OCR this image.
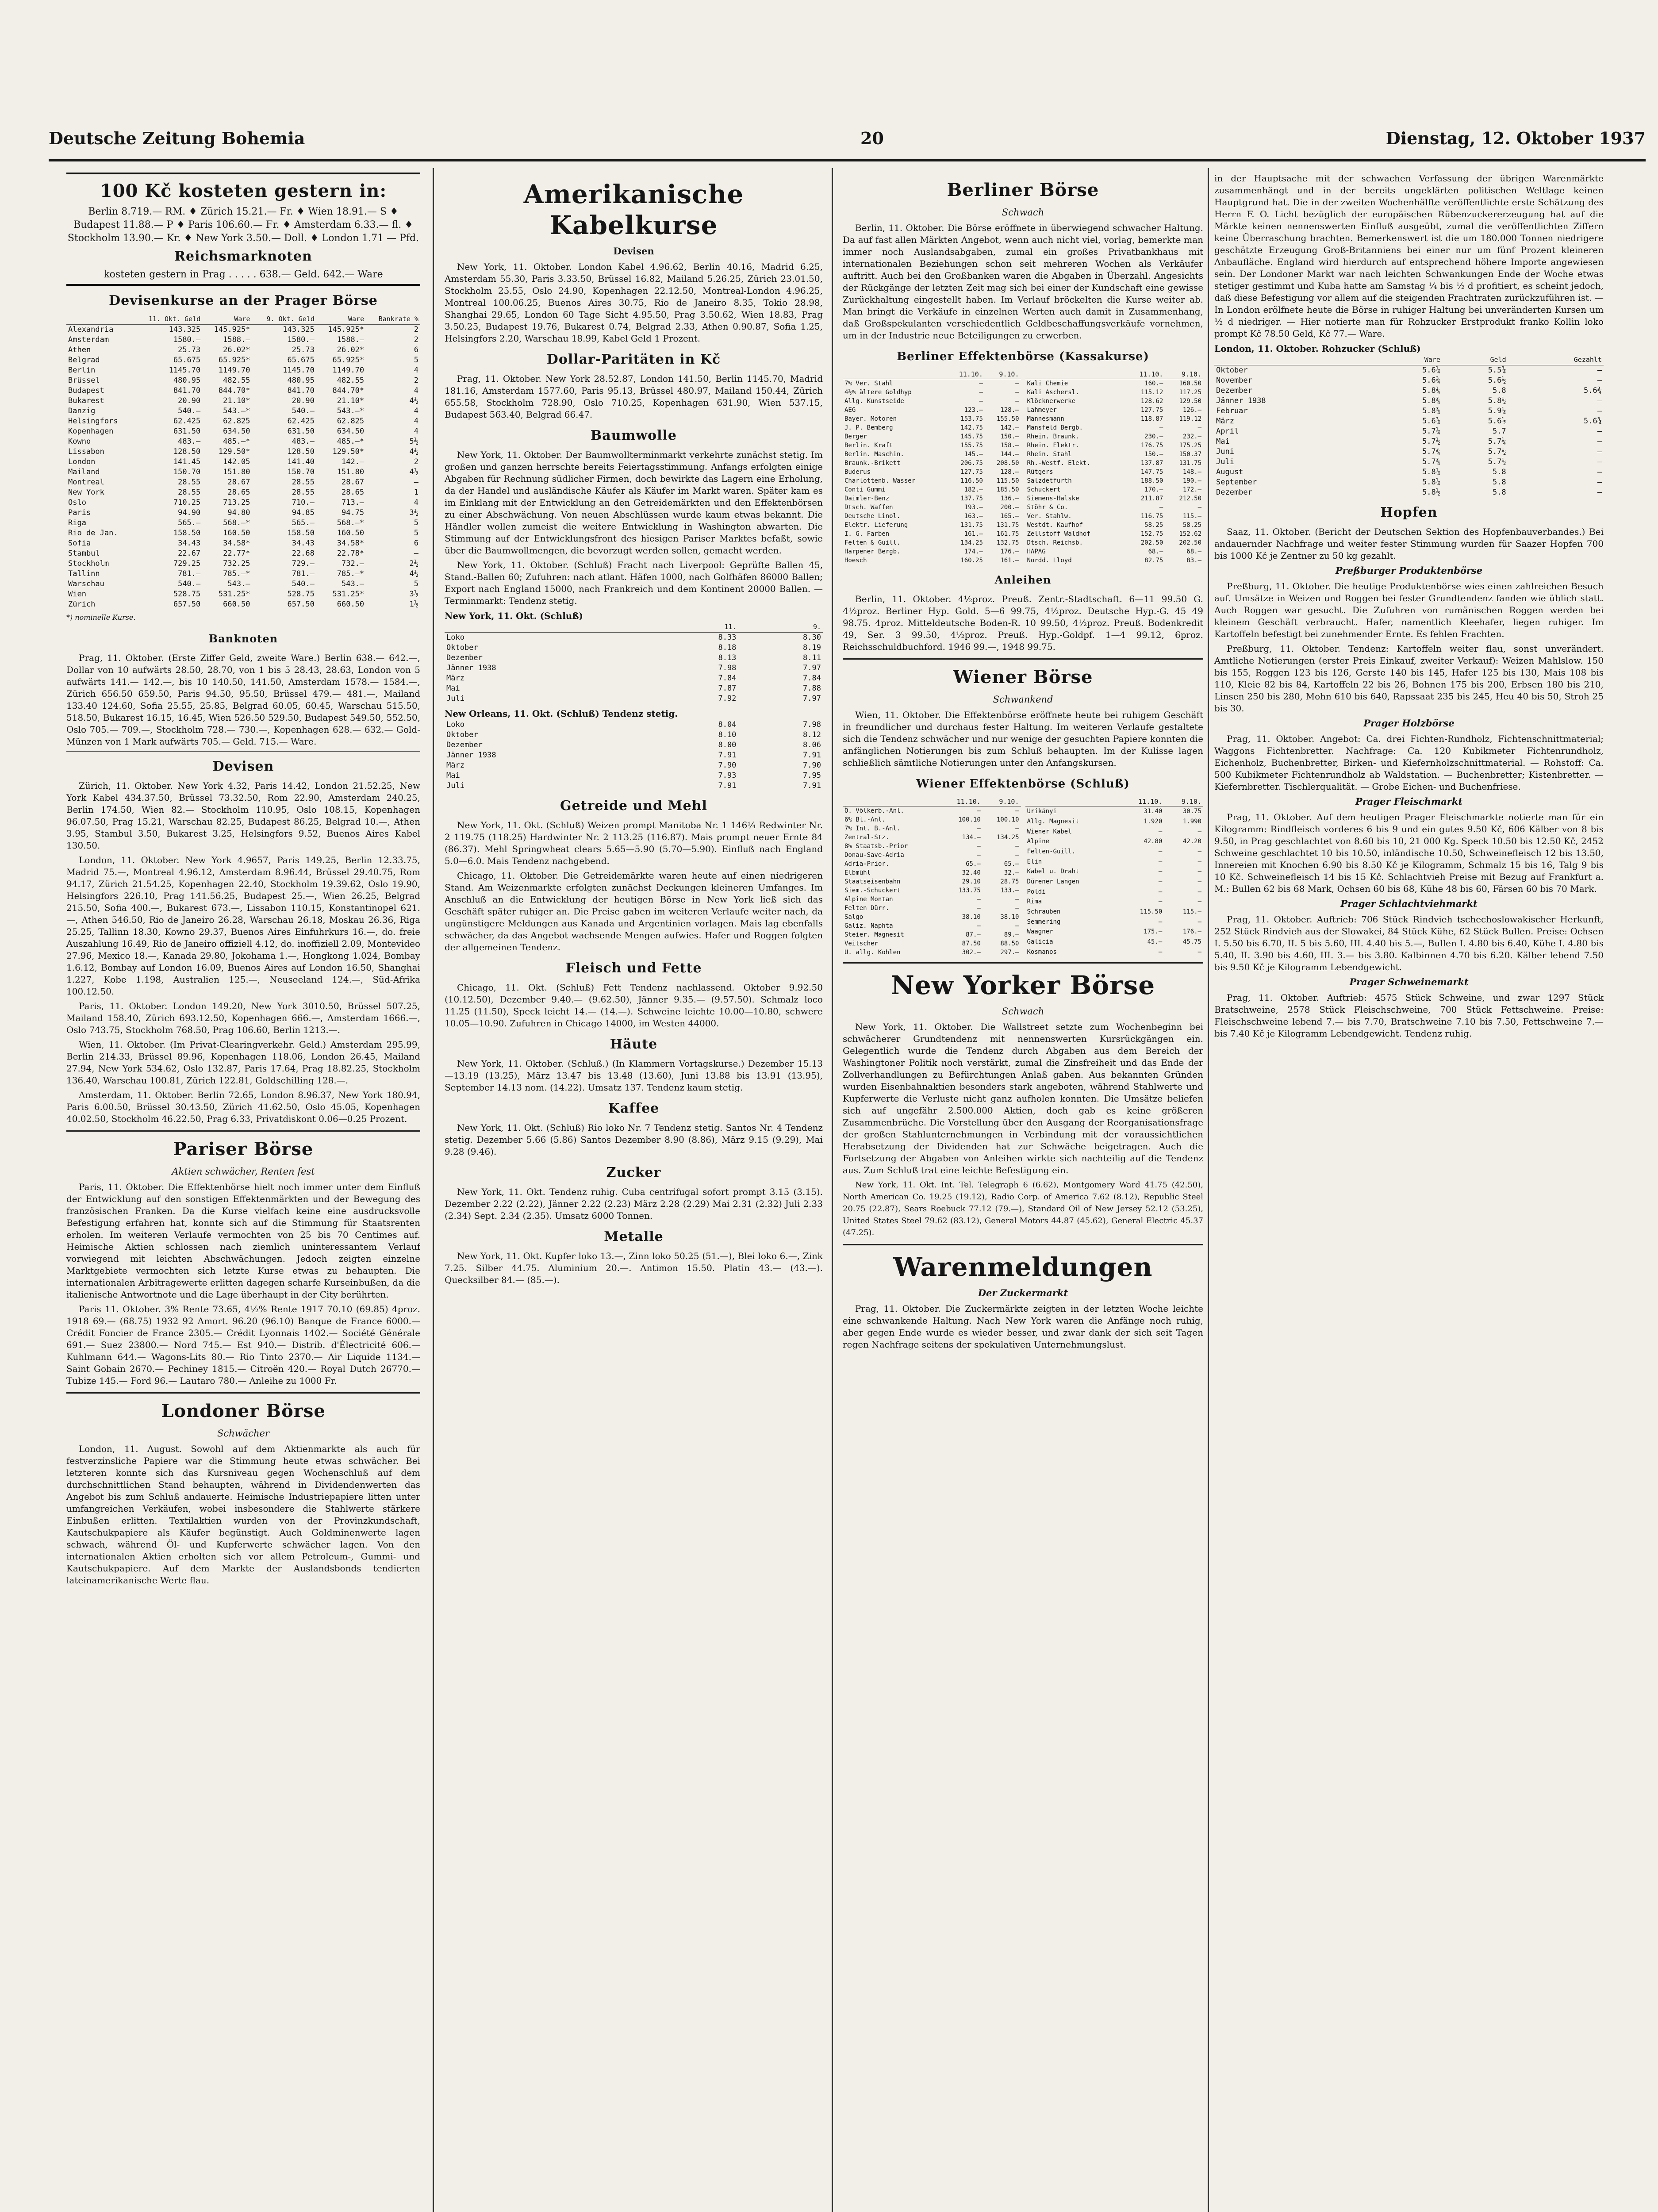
Deutsche Zeitung Bohemia	20	Dienstag, 12. Oktober 1937
100 Kč kosteten gestern in:
Berlin 8.719.— RM. ♦ Zürich 15.21.— Fr. ♦ Wien 18.91.— S ♦ Budapest 11.88.— P ♦ Paris 106.60.— Fr. ♦ Amsterdam 6.33.— fl. ♦ Stockholm 13.90.— Kr. ♦ New York 3.50.— Doll. ♦ London 1.71 — Pfd.
Reichsmarknoten
kosteten gestern in Prag . . . . . 638.— Geld. 642.— Ware
Devisenkurse an der Prager Börse
	11. Okt. Geld	Ware	9. Okt. Geld	Ware	Bankrate %
Alexandria	143.325	145.925*	143.325	145.925*	2
Amsterdam	1580.—	1588.—	1580.—	1588.—	2
Athen	25.73	26.02*	25.73	26.02*	6
Belgrad	65.675	65.925*	65.675	65.925*	5
Berlin	1145.70	1149.70	1145.70	1149.70	4
Brüssel	480.95	482.55	480.95	482.55	2
Budapest	841.70	844.70*	841.70	844.70*	4
Bukarest	20.90	21.10*	20.90	21.10*	4½
Danzig	540.—	543.—*	540.—	543.—*	4
Helsingfors	62.425	62.825	62.425	62.825	4
Kopenhagen	631.50	634.50	631.50	634.50	4
Kowno	483.—	485.—*	483.—	485.—*	5½
Lissabon	128.50	129.50*	128.50	129.50*	4½
London	141.45	142.05	141.40	142.—	2
Mailand	150.70	151.80	150.70	151.80	4½
Montreal	28.55	28.67	28.55	28.67	—
New York	28.55	28.65	28.55	28.65	1
Oslo	710.25	713.25	710.—	713.—	4
Paris	94.90	94.80	94.85	94.75	3½
Riga	565.—	568.—*	565.—	568.—*	5
Rio de Jan.	158.50	160.50	158.50	160.50	5
Sofia	34.43	34.58*	34.43	34.58*	6
Stambul	22.67	22.77*	22.68	22.78*	—
Stockholm	729.25	732.25	729.—	732.—	2½
Tallinn	781.—	785.—*	781.—	785.—*	4½
Warschau	540.—	543.—	540.—	543.—	5
Wien	528.75	531.25*	528.75	531.25*	3½
Zürich	657.50	660.50	657.50	660.50	1½
*) nominelle Kurse.
Banknoten

Prag, 11. Oktober. (Erste Ziffer Geld, zweite Ware.) Berlin 638.— 642.—, Dollar von 10 aufwärts 28.50, 28.70, von 1 bis 5 28.43, 28.63, London von 5 aufwärts 141.— 142.—, bis 10 140.50, 141.50, Amsterdam 1578.— 1584.—, Zürich 656.50 659.50, Paris 94.50, 95.50, Brüssel 479.— 481.—, Mailand 133.40 124.60, Sofia 25.55, 25.85, Belgrad 60.05, 60.45, Warschau 515.50, 518.50, Bukarest 16.15, 16.45, Wien 526.50 529.50, Budapest 549.50, 552.50, Oslo 705.— 709.—, Stockholm 728.— 730.—, Kopenhagen 628.— 632.— Gold-Münzen von 1 Mark aufwärts 705.— Geld. 715.— Ware.

Devisen

Zürich, 11. Oktober. New York 4.32, Paris 14.42, London 21.52.25, New York Kabel 434.37.50, Brüssel 73.32.50, Rom 22.90, Amsterdam 240.25, Berlin 174.50, Wien 82.— Stockholm 110.95, Oslo 108.15, Kopenhagen 96.07.50, Prag 15.21, Warschau 82.25, Budapest 86.25, Belgrad 10.—, Athen 3.95, Stambul 3.50, Bukarest 3.25, Helsingfors 9.52, Buenos Aires Kabel 130.50.

London, 11. Oktober. New York 4.9657, Paris 149.25, Berlin 12.33.75, Madrid 75.—, Montreal 4.96.12, Amsterdam 8.96.44, Brüssel 29.40.75, Rom 94.17, Zürich 21.54.25, Kopenhagen 22.40, Stockholm 19.39.62, Oslo 19.90, Helsingfors 226.10, Prag 141.56.25, Budapest 25.—, Wien 26.25, Belgrad 215.50, Sofia 400.—, Bukarest 673.—, Lissabon 110.15, Konstantinopel 621.—, Athen 546.50, Rio de Janeiro 26.28, Warschau 26.18, Moskau 26.36, Riga 25.25, Tallinn 18.30, Kowno 29.37, Buenos Aires Einfuhrkurs 16.—, do. freie Auszahlung 16.49, Rio de Janeiro offiziell 4.12, do. inoffiziell 2.09, Montevideo 27.96, Mexico 18.—, Kanada 29.80, Jokohama 1.—, Hongkong 1.024, Bombay 1.6.12, Bombay auf London 16.09, Buenos Aires auf London 16.50, Shanghai 1.227, Kobe 1.198, Australien 125.—, Neuseeland 124.—, Süd-Afrika 100.12.50.

Paris, 11. Oktober. London 149.20, New York 3010.50, Brüssel 507.25, Mailand 158.40, Zürich 693.12.50, Kopenhagen 666.—, Amsterdam 1666.—, Oslo 743.75, Stockholm 768.50, Prag 106.60, Berlin 1213.—.

Wien, 11. Oktober. (Im Privat-Clearingverkehr. Geld.) Amsterdam 295.99, Berlin 214.33, Brüssel 89.96, Kopenhagen 118.06, London 26.45, Mailand 27.94, New York 534.62, Oslo 132.87, Paris 17.64, Prag 18.82.25, Stockholm 136.40, Warschau 100.81, Zürich 122.81, Goldschilling 128.—.

Amsterdam, 11. Oktober. Berlin 72.65, London 8.96.37, New York 180.94, Paris 6.00.50, Brüssel 30.43.50, Zürich 41.62.50, Oslo 45.05, Kopenhagen 40.02.50, Stockholm 46.22.50, Prag 6.33, Privatdiskont 0.06—0.25 Prozent.

Pariser Börse
Aktien schwächer, Renten fest

Paris, 11. Oktober. Die Effektenbörse hielt noch immer unter dem Einfluß der Entwicklung auf den sonstigen Effektenmärkten und der Bewegung des französischen Franken. Da die Kurse vielfach keine eine ausdrucksvolle Befestigung erfahren hat, konnte sich auf die Stimmung für Staatsrenten erholen. Im weiteren Verlaufe vermochten von 25 bis 70 Centimes auf. Heimische Aktien schlossen nach ziemlich uninteressantem Verlauf vorwiegend mit leichten Abschwächungen. Jedoch zeigten einzelne Marktgebiete vermochten sich letzte Kurse etwas zu behaupten. Die internationalen Arbitragewerte erlitten dagegen scharfe Kurseinbußen, da die italienische Antwortnote und die Lage überhaupt in der City berührten.

Paris 11. Oktober. 3% Rente 73.65, 4½% Rente 1917 70.10 (69.85) 4proz. 1918 69.— (68.75) 1932 92 Amort. 96.20 (96.10) Banque de France 6000.— Crédit Foncier de France 2305.— Crédit Lyonnais 1402.— Société Générale 691.— Suez 23800.— Nord 745.— Est 940.— Distrib. d'Électricité 606.— Kuhlmann 644.— Wagons-Lits 80.— Rio Tinto 2370.— Air Liquide 1134.— Saint Gobain 2670.— Pechiney 1815.— Citroën 420.— Royal Dutch 26770.— Tubize 145.— Ford 96.— Lautaro 780.— Anleihe zu 1000 Fr.

Londoner Börse
Schwächer

London, 11. August. Sowohl auf dem Aktienmarkte als auch für festverzinsliche Papiere war die Stimmung heute etwas schwächer. Bei letzteren konnte sich das Kursniveau gegen Wochenschluß auf dem durchschnittlichen Stand behaupten, während in Dividendenwerten das Angebot bis zum Schluß andauerte. Heimische Industriepapiere litten unter umfangreichen Verkäufen, wobei insbesondere die Stahlwerte stärkere Einbußen erlitten. Textilaktien wurden von der Provinzkundschaft, Kautschukpapiere als Käufer begünstigt. Auch Goldminenwerte lagen schwach, während Öl- und Kupferwerte schwächer lagen. Von den internationalen Aktien erholten sich vor allem Petroleum-, Gummi- und Kautschukpapiere. Auf dem Markte der Auslandsbonds tendierten lateinamerikanische Werte flau.

Amerikanische Kabelkurse
Devisen

New York, 11. Oktober. London Kabel 4.96.62, Berlin 40.16, Madrid 6.25, Amsterdam 55.30, Paris 3.33.50, Brüssel 16.82, Mailand 5.26.25, Zürich 23.01.50, Stockholm 25.55, Oslo 24.90, Kopenhagen 22.12.50, Montreal-London 4.96.25, Montreal 100.06.25, Buenos Aires 30.75, Rio de Janeiro 8.35, Tokio 28.98, Shanghai 29.65, London 60 Tage Sicht 4.95.50, Prag 3.50.62, Wien 18.83, Prag 3.50.25, Budapest 19.76, Bukarest 0.74, Belgrad 2.33, Athen 0.90.87, Sofia 1.25, Helsingfors 2.20, Warschau 18.99, Kabel Geld 1 Prozent.

Dollar-Paritäten in Kč

Prag, 11. Oktober. New York 28.52.87, London 141.50, Berlin 1145.70, Madrid 181.16, Amsterdam 1577.60, Paris 95.13, Brüssel 480.97, Mailand 150.44, Zürich 655.58, Stockholm 728.90, Oslo 710.25, Kopenhagen 631.90, Wien 537.15, Budapest 563.40, Belgrad 66.47.

Baumwolle

New York, 11. Oktober. Der Baumwollterminmarkt verkehrte zunächst stetig. Im großen und ganzen herrschte bereits Feiertagsstimmung. Anfangs erfolgten einige Abgaben für Rechnung südlicher Firmen, doch bewirkte das Lagern eine Erholung, da der Handel und ausländische Käufer als Käufer im Markt waren. Später kam es im Einklang mit der Entwicklung an den Getreidemärkten und den Effektenbörsen zu einer Abschwächung. Von neuen Abschlüssen wurde kaum etwas bekannt. Die Händler wollen zumeist die weitere Entwicklung in Washington abwarten. Die Stimmung auf der Entwicklungsfront des hiesigen Pariser Marktes befaßt, sowie über die Baumwollmengen, die bevorzugt werden sollen, gemacht werden.

New York, 11. Oktober. (Schluß) Fracht nach Liverpool: Geprüfte Ballen 45, Stand.-Ballen 60; Zufuhren: nach atlant. Häfen 1000, nach Golfhäfen 86000 Ballen; Export nach England 15000, nach Frankreich und dem Kontinent 20000 Ballen. — Terminmarkt: Tendenz stetig.

New York, 11. Okt. (Schluß)
	11.	9.
Loko	8.33	8.30
Oktober	8.18	8.19
Dezember	8.13	8.11
Jänner 1938	7.98	7.97
März	7.84	7.84
Mai	7.87	7.88
Juli	7.92	7.97
New Orleans, 11. Okt. (Schluß) Tendenz stetig.
Loko	8.04	7.98
Oktober	8.10	8.12
Dezember	8.00	8.06
Jänner 1938	7.91	7.91
März	7.90	7.90
Mai	7.93	7.95
Juli	7.91	7.91
Getreide und Mehl

New York, 11. Okt. (Schluß) Weizen prompt Manitoba Nr. 1 146¼ Redwinter Nr. 2 119.75 (118.25) Hardwinter Nr. 2 113.25 (116.87). Mais prompt neuer Ernte 84 (86.37). Mehl Springwheat clears 5.65—5.90 (5.70—5.90). Einfluß nach England 5.0—6.0. Mais Tendenz nachgebend.

Chicago, 11. Oktober. Die Getreidemärkte waren heute auf einen niedrigeren Stand. Am Weizenmarkte erfolgten zunächst Deckungen kleineren Umfanges. Im Anschluß an die Entwicklung der heutigen Börse in New York ließ sich das Geschäft später ruhiger an. Die Preise gaben im weiteren Verlaufe weiter nach, da ungünstigere Meldungen aus Kanada und Argentinien vorlagen. Mais lag ebenfalls schwächer, da das Angebot wachsende Mengen aufwies. Hafer und Roggen folgten der allgemeinen Tendenz.

Fleisch und Fette

Chicago, 11. Okt. (Schluß) Fett Tendenz nachlassend. Oktober 9.92.50 (10.12.50), Dezember 9.40.— (9.62.50), Jänner 9.35.— (9.57.50). Schmalz loco 11.25 (11.50), Speck leicht 14.— (14.—). Schweine leichte 10.00—10.80, schwere 10.05—10.90. Zufuhren in Chicago 14000, im Westen 44000.

Häute

New York, 11. Oktober. (Schluß.) (In Klammern Vortagskurse.) Dezember 15.13—13.19 (13.25), März 13.47 bis 13.48 (13.60), Juni 13.88 bis 13.91 (13.95), September 14.13 nom. (14.22). Umsatz 137. Tendenz kaum stetig.

Kaffee

New York, 11. Okt. (Schluß) Rio loko Nr. 7 Tendenz stetig. Santos Nr. 4 Tendenz stetig. Dezember 5.66 (5.86) Santos Dezember 8.90 (8.86), März 9.15 (9.29), Mai 9.28 (9.46).

Zucker

New York, 11. Okt. Tendenz ruhig. Cuba centrifugal sofort prompt 3.15 (3.15). Dezember 2.22 (2.22), Jänner 2.22 (2.23) März 2.28 (2.29) Mai 2.31 (2.32) Juli 2.33 (2.34) Sept. 2.34 (2.35). Umsatz 6000 Tonnen.

Metalle

New York, 11. Okt. Kupfer loko 13.—, Zinn loko 50.25 (51.—), Blei loko 6.—, Zink 7.25. Silber 44.75. Aluminium 20.—. Antimon 15.50. Platin 43.— (43.—). Quecksilber 84.— (85.—).

Berliner Börse
Schwach

Berlin, 11. Oktober. Die Börse eröffnete in überwiegend schwacher Haltung. Da auf fast allen Märkten Angebot, wenn auch nicht viel, vorlag, bemerkte man immer noch Auslandsabgaben, zumal ein großes Privatbankhaus mit internationalen Beziehungen schon seit mehreren Wochen als Verkäufer auftritt. Auch bei den Großbanken waren die Abgaben in Überzahl. Angesichts der Rückgänge der letzten Zeit mag sich bei einer der Kundschaft eine gewisse Zurückhaltung eingestellt haben. Im Verlauf bröckelten die Kurse weiter ab. Man bringt die Verkäufe in einzelnen Werten auch damit in Zusammenhang, daß Großspekulanten verschiedentlich Geldbeschaffungsverkäufe vornehmen, um in der Industrie neue Beteiligungen zu erwerben.

Berliner Effektenbörse (Kassakurse)
	11.10.	9.10.
7% Ver. Stahl	—	—
4½% ältere Goldhyp	—	—
Allg. Kunstseide	—	—
AEG	123.—	128.—
Bayer. Motoren	153.75	155.50
J. P. Bemberg	142.75	142.—
Berger	145.75	150.—
Berlin. Kraft	155.75	158.—
Berlin. Maschin.	145.—	144.—
Braunk.-Brikett	206.75	208.50
Buderus	127.75	128.—
Charlottenb. Wasser	116.50	115.50
Conti Gummi	182.—	185.50
Daimler-Benz	137.75	136.—
Dtsch. Waffen	193.—	200.—
Deutsche Linol.	163.—	165.—
Elektr. Lieferung	131.75	131.75
I. G. Farben	161.—	161.75
Felten & Guill.	134.25	132.75
Harpener Bergb.	174.—	176.—
Hoesch	160.25	161.—
	11.10.	9.10.
Kali Chemie	160.—	160.50
Kali Aschersl.	115.12	117.25
Klöcknerwerke	128.62	129.50
Lahmeyer	127.75	126.—
Mannesmann	118.87	119.12
Mansfeld Bergb.	—	—
Rhein. Braunk.	230.—	232.—
Rhein. Elektr.	176.75	175.25
Rhein. Stahl	150.—	150.37
Rh.-Westf. Elekt.	137.87	131.75
Rütgers	147.75	148.—
Salzdetfurth	188.50	190.—
Schuckert	170.—	172.—
Siemens-Halske	211.87	212.50
Stöhr & Co.	—	—
Ver. Stahlw.	116.75	115.—
Westdt. Kaufhof	58.25	58.25
Zellstoff Waldhof	152.75	152.62
Dtsch. Reichsb.	202.50	202.50
HAPAG	68.—	68.—
Nordd. Lloyd	82.75	83.—
Anleihen

Berlin, 11. Oktober. 4½proz. Preuß. Zentr.-Stadtschaft. 6—11 99.50 G. 4½proz. Berliner Hyp. Gold. 5—6 99.75, 4½proz. Deutsche Hyp.-G. 45 49 98.75. 4proz. Mitteldeutsche Boden-R. 10 99.50, 4½proz. Preuß. Bodenkredit 49, Ser. 3 99.50, 4½proz. Preuß. Hyp.-Goldpf. 1—4 99.12, 6proz. Reichsschuldbuchford. 1946 99.—, 1948 99.75.

Wiener Börse
Schwankend

Wien, 11. Oktober. Die Effektenbörse eröffnete heute bei ruhigem Geschäft in freundlicher und durchaus fester Haltung. Im weiteren Verlaufe gestaltete sich die Tendenz schwächer und nur wenige der gesuchten Papiere konnten die anfänglichen Notierungen bis zum Schluß behaupten. Im der Kulisse lagen schließlich sämtliche Notierungen unter den Anfangskursen.

Wiener Effektenbörse (Schluß)
	11.10.	9.10.
Ö. Völkerb.-Anl.	—	—
6% Bl.-Anl.	100.10	100.10
7% Int. B.-Anl.	—	—
Zentral-Stz.	134.—	134.25
8% Staatsb.-Prior	—	—
Donau-Save-Adria	—	—
Adria-Prior.	65.—	65.—
Elbmühl	32.40	32.—
Staatseisenbahn	29.10	28.75
Siem.-Schuckert	133.75	133.—
Alpine Montan	—	—
Felten Dürr.	—	—
Salgo	38.10	38.10
Galiz. Naphta	—	—
Steier. Magnesit	87.—	89.—
Veitscher	87.50	88.50
U. allg. Kohlen	302.—	297.—
	11.10.	9.10.
Urikányi	31.40	30.75
Allg. Magnesit	1.920	1.990
Wiener Kabel	—	—
Alpine	42.80	42.20
Felten-Guill.	—	—
Elin	—	—
Kabel u. Draht	—	—
Dürener Langen	—	—
Poldi	—	—
Rima	—	—
Schrauben	115.50	115.—
Semmering	—	—
Waagner	175.—	176.—
Galicia	45.—	45.75
Kosmanos	—	—
New Yorker Börse
Schwach

New York, 11. Oktober. Die Wallstreet setzte zum Wochenbeginn bei schwächerer Grundtendenz mit nennenswerten Kursrückgängen ein. Gelegentlich wurde die Tendenz durch Abgaben aus dem Bereich der Washingtoner Politik noch verstärkt, zumal die Zinsfreiheit und das Ende der Zollverhandlungen zu Befürchtungen Anlaß gaben. Aus bekannten Gründen wurden Eisenbahnaktien besonders stark angeboten, während Stahlwerte und Kupferwerte die Verluste nicht ganz aufholen konnten. Die Umsätze beliefen sich auf ungefähr 2.500.000 Aktien, doch gab es keine größeren Zusammenbrüche. Die Vorstellung über den Ausgang der Reorganisationsfrage der großen Stahlunternehmungen in Verbindung mit der voraussichtlichen Herabsetzung der Dividenden hat zur Schwäche beigetragen. Auch die Fortsetzung der Abgaben von Anleihen wirkte sich nachteilig auf die Tendenz aus. Zum Schluß trat eine leichte Befestigung ein.

New York, 11. Okt. Int. Tel. Telegraph 6 (6.62), Montgomery Ward 41.75 (42.50), North American Co. 19.25 (19.12), Radio Corp. of America 7.62 (8.12), Republic Steel 20.75 (22.87), Sears Roebuck 77.12 (79.—), Standard Oil of New Jersey 52.12 (53.25), United States Steel 79.62 (83.12), General Motors 44.87 (45.62), General Electric 45.37 (47.25).

Warenmeldungen
Der Zuckermarkt

Prag, 11. Oktober. Die Zuckermärkte zeigten in der letzten Woche leichte eine schwankende Haltung. Nach New York waren die Anfänge noch ruhig, aber gegen Ende wurde es wieder besser, und zwar dank der sich seit Tagen regen Nachfrage seitens der spekulativen Unternehmungslust.

in der Hauptsache mit der schwachen Verfassung der übrigen Warenmärkte zusammenhängt und in der bereits ungeklärten politischen Weltlage keinen Hauptgrund hat. Die in der zweiten Wochenhälfte veröffentlichte erste Schätzung des Herrn F. O. Licht bezüglich der europäischen Rübenzuckererzeugung hat auf die Märkte keinen nennenswerten Einfluß ausgeübt, zumal die veröffentlichten Ziffern keine Überraschung brachten. Bemerkenswert ist die um 180.000 Tonnen niedrigere geschätzte Erzeugung Groß-Britanniens bei einer nur um fünf Prozent kleineren Anbaufläche. England wird hierdurch auf entsprechend höhere Importe angewiesen sein. Der Londoner Markt war nach leichten Schwankungen Ende der Woche etwas stetiger gestimmt und Kuba hatte am Samstag ¼ bis ½ d profitiert, es scheint jedoch, daß diese Befestigung vor allem auf die steigenden Frachtraten zurückzuführen ist. — In London erölfnete heute die Börse in ruhiger Haltung bei unveränderten Kursen um ½ d niedriger. — Hier notierte man für Rohzucker Erstprodukt franko Kollin loko prompt Kč 78.50 Geld, Kč 77.— Ware.

London, 11. Oktober. Rohzucker (Schluß)
	Ware	Geld	Gezahlt
Oktober	5.6¼	5.5¾	—
November	5.6¾	5.6½	—
Dezember	5.8¼	5.8	5.6¾
Jänner 1938	5.8¾	5.8½	—
Februar	5.8¾	5.9¼	—
März	5.6¾	5.6½	5.6¾
April	5.7¼	5.7	—
Mai	5.7½	5.7¼	—
Juni	5.7¾	5.7½	—
Juli	5.7¾	5.7½	—
August	5.8¼	5.8	—
September	5.8¼	5.8	—
Dezember	5.8½	5.8	—
Hopfen

Saaz, 11. Oktober. (Bericht der Deutschen Sektion des Hopfenbauverbandes.) Bei andauernder Nachfrage und weiter fester Stimmung wurden für Saazer Hopfen 700 bis 1000 Kč je Zentner zu 50 kg gezahlt.

Preßburger Produktenbörse

Preßburg, 11. Oktober. Die heutige Produktenbörse wies einen zahlreichen Besuch auf. Umsätze in Weizen und Roggen bei fester Grundtendenz fanden wie üblich statt. Auch Roggen war gesucht. Die Zufuhren von rumänischen Roggen werden bei kleinem Geschäft verbraucht. Hafer, namentlich Kleehafer, liegen ruhiger. Im Kartoffeln befestigt bei zunehmender Ernte. Es fehlen Frachten.

Preßburg, 11. Oktober. Tendenz: Kartoffeln weiter flau, sonst unverändert. Amtliche Notierungen (erster Preis Einkauf, zweiter Verkauf): Weizen Mahlslow. 150 bis 155, Roggen 123 bis 126, Gerste 140 bis 145, Hafer 125 bis 130, Mais 108 bis 110, Kleie 82 bis 84, Kartoffeln 22 bis 26, Bohnen 175 bis 200, Erbsen 180 bis 210, Linsen 250 bis 280, Mohn 610 bis 640, Rapssaat 235 bis 245, Heu 40 bis 50, Stroh 25 bis 30.

Prager Holzbörse

Prag, 11. Oktober. Angebot: Ca. drei Fichten-Rundholz, Fichtenschnittmaterial; Waggons Fichtenbretter. Nachfrage: Ca. 120 Kubikmeter Fichtenrundholz, Eichenholz, Buchenbretter, Birken- und Kiefernholzschnittmaterial. — Rohstoff: Ca. 500 Kubikmeter Fichtenrundholz ab Waldstation. — Buchenbretter; Kistenbretter. — Kiefernbretter. Tischlerqualität. — Grobe Eichen- und Buchenfriese.

Prager Fleischmarkt

Prag, 11. Oktober. Auf dem heutigen Prager Fleischmarkte notierte man für ein Kilogramm: Rindfleisch vorderes 6 bis 9 und ein gutes 9.50 Kč, 606 Kälber von 8 bis 9.50, in Prag geschlachtet von 8.60 bis 10, 21 000 Kg. Speck 10.50 bis 12.50 Kč, 2452 Schweine geschlachtet 10 bis 10.50, inländische 10.50, Schweinefleisch 12 bis 13.50, Innereien mit Knochen 6.90 bis 8.50 Kč je Kilogramm, Schmalz 15 bis 16, Talg 9 bis 10 Kč. Schweinefleisch 14 bis 15 Kč. Schlachtvieh Preise mit Bezug auf Frankfurt a. M.: Bullen 62 bis 68 Mark, Ochsen 60 bis 68, Kühe 48 bis 60, Färsen 60 bis 70 Mark.

Prager Schlachtviehmarkt

Prag, 11. Oktober. Auftrieb: 706 Stück Rindvieh tschechoslowakischer Herkunft, 252 Stück Rindvieh aus der Slowakei, 84 Stück Kühe, 62 Stück Bullen. Preise: Ochsen I. 5.50 bis 6.70, II. 5 bis 5.60, III. 4.40 bis 5.—, Bullen I. 4.80 bis 6.40, Kühe I. 4.80 bis 5.40, II. 3.90 bis 4.60, III. 3.— bis 3.80. Kalbinnen 4.70 bis 6.20. Kälber lebend 7.50 bis 9.50 Kč je Kilogramm Lebendgewicht.

Prager Schweinemarkt

Prag, 11. Oktober. Auftrieb: 4575 Stück Schweine, und zwar 1297 Stück Bratschweine, 2578 Stück Fleischschweine, 700 Stück Fettschweine. Preise: Fleischschweine lebend 7.— bis 7.70, Bratschweine 7.10 bis 7.50, Fettschweine 7.— bis 7.40 Kč je Kilogramm Lebendgewicht. Tendenz ruhig.
